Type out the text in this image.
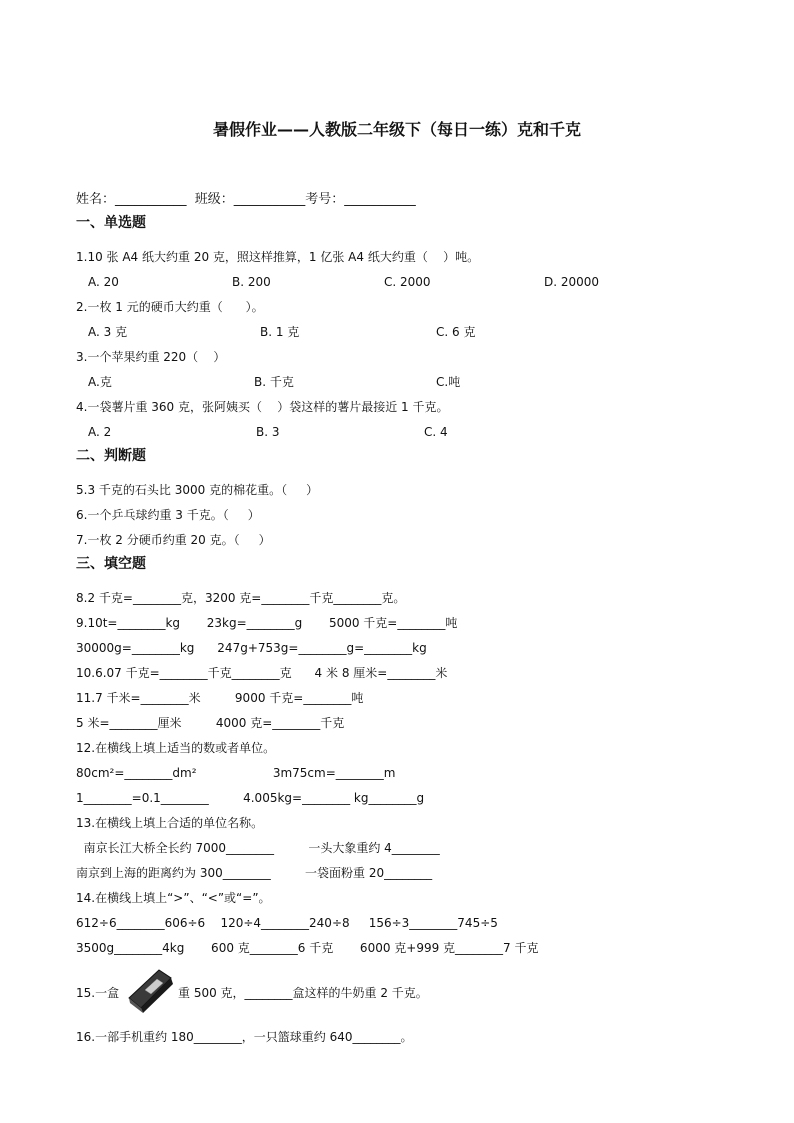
暑假作业——人教版二年级下（每日一练）克和千克
姓名：___________  班级：___________考号：___________
一、单选题
1.10 张 A4 纸大约重 20 克，照这样推算，1 亿张 A4 纸大约重（    ）吨。
A. 20	B. 200	C. 2000	D. 20000
2.一枚 1 元的硬币大约重（      ）。
A. 3 克	B. 1 克	C. 6 克
3.一个苹果约重 220（    ）
A.克	B. 千克	C.吨
4.一袋薯片重 360 克，张阿姨买（    ）袋这样的薯片最接近 1 千克。
A. 2	B. 3	C. 4
二、判断题
5.3 千克的石头比 3000 克的棉花重。（     ）
6.一个乒乓球约重 3 千克。（     ）
7.一枚 2 分硬币约重 20 克。（     ）
三、填空题
8.2 千克=________克，3200 克=________千克________克。
9.10t=________kg       23kg=________g       5000 千克=________吨
30000g=________kg      247g+753g=________g=________kg
10.6.07 千克=________千克________克      4 米 8 厘米=________米
11.7 千米=________米         9000 千克=________吨
5 米=________厘米         4000 克=________千克
12.在横线上填上适当的数或者单位。
80cm²=________dm²                    3m75cm=________m
1________=0.1________         4.005kg=________ kg________g
13.在横线上填上合适的单位名称。
南京长江大桥全长约 7000________         一头大象重约 4________
南京到上海的距离约为 300________         一袋面粉重 20________
14.在横线上填上“>”、“<”或“=”。
612÷6________606÷6    120÷4________240÷8     156÷3________745÷5
3500g________4kg       600 克________6 千克       6000 克+999 克________7 千克
15.一盒	重 500 克，________盒这样的牛奶重 2 千克。
16.一部手机重约 180________，一只篮球重约 640________。
